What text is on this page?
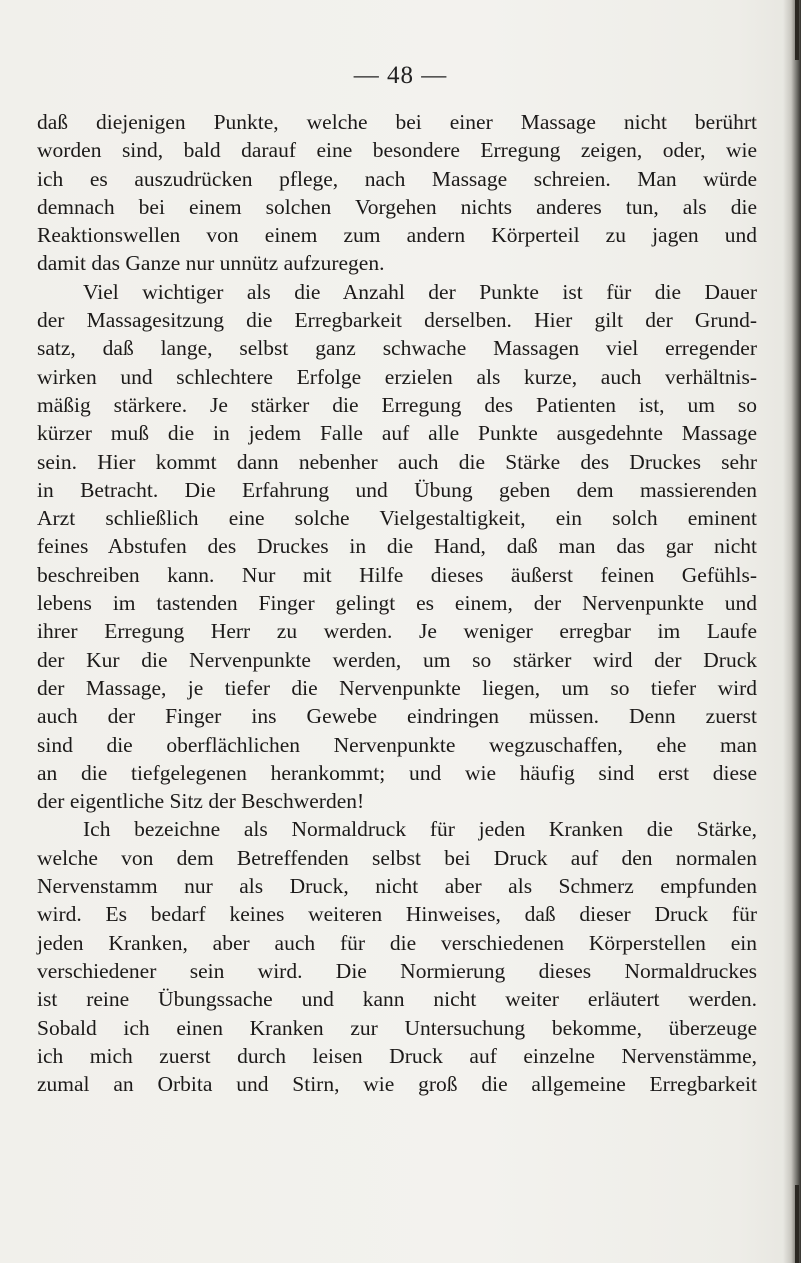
— 48 —
daß diejenigen Punkte, welche bei einer Massage nicht berührt
worden sind, bald darauf eine besondere Erregung zeigen, oder, wie
ich es auszudrücken pflege, nach Massage schreien. Man würde
demnach bei einem solchen Vorgehen nichts anderes tun, als die
Reaktionswellen von einem zum andern Körperteil zu jagen und
damit das Ganze nur unnütz aufzuregen.
Viel wichtiger als die Anzahl der Punkte ist für die Dauer
der Massagesitzung die Erregbarkeit derselben. Hier gilt der Grund-
satz, daß lange, selbst ganz schwache Massagen viel erregender
wirken und schlechtere Erfolge erzielen als kurze, auch verhältnis-
mäßig stärkere. Je stärker die Erregung des Patienten ist, um so
kürzer muß die in jedem Falle auf alle Punkte ausgedehnte Massage
sein. Hier kommt dann nebenher auch die Stärke des Druckes sehr
in Betracht. Die Erfahrung und Übung geben dem massierenden
Arzt schließlich eine solche Vielgestaltigkeit, ein solch eminent
feines Abstufen des Druckes in die Hand, daß man das gar nicht
beschreiben kann. Nur mit Hilfe dieses äußerst feinen Gefühls-
lebens im tastenden Finger gelingt es einem, der Nervenpunkte und
ihrer Erregung Herr zu werden. Je weniger erregbar im Laufe
der Kur die Nervenpunkte werden, um so stärker wird der Druck
der Massage, je tiefer die Nervenpunkte liegen, um so tiefer wird
auch der Finger ins Gewebe eindringen müssen. Denn zuerst
sind die oberflächlichen Nervenpunkte wegzuschaffen, ehe man
an die tiefgelegenen herankommt; und wie häufig sind erst diese
der eigentliche Sitz der Beschwerden!
Ich bezeichne als Normaldruck für jeden Kranken die Stärke,
welche von dem Betreffenden selbst bei Druck auf den normalen
Nervenstamm nur als Druck, nicht aber als Schmerz empfunden
wird. Es bedarf keines weiteren Hinweises, daß dieser Druck für
jeden Kranken, aber auch für die verschiedenen Körperstellen ein
verschiedener sein wird. Die Normierung dieses Normaldruckes
ist reine Übungssache und kann nicht weiter erläutert werden.
Sobald ich einen Kranken zur Untersuchung bekomme, überzeuge
ich mich zuerst durch leisen Druck auf einzelne Nervenstämme,
zumal an Orbita und Stirn, wie groß die allgemeine Erregbarkeit
